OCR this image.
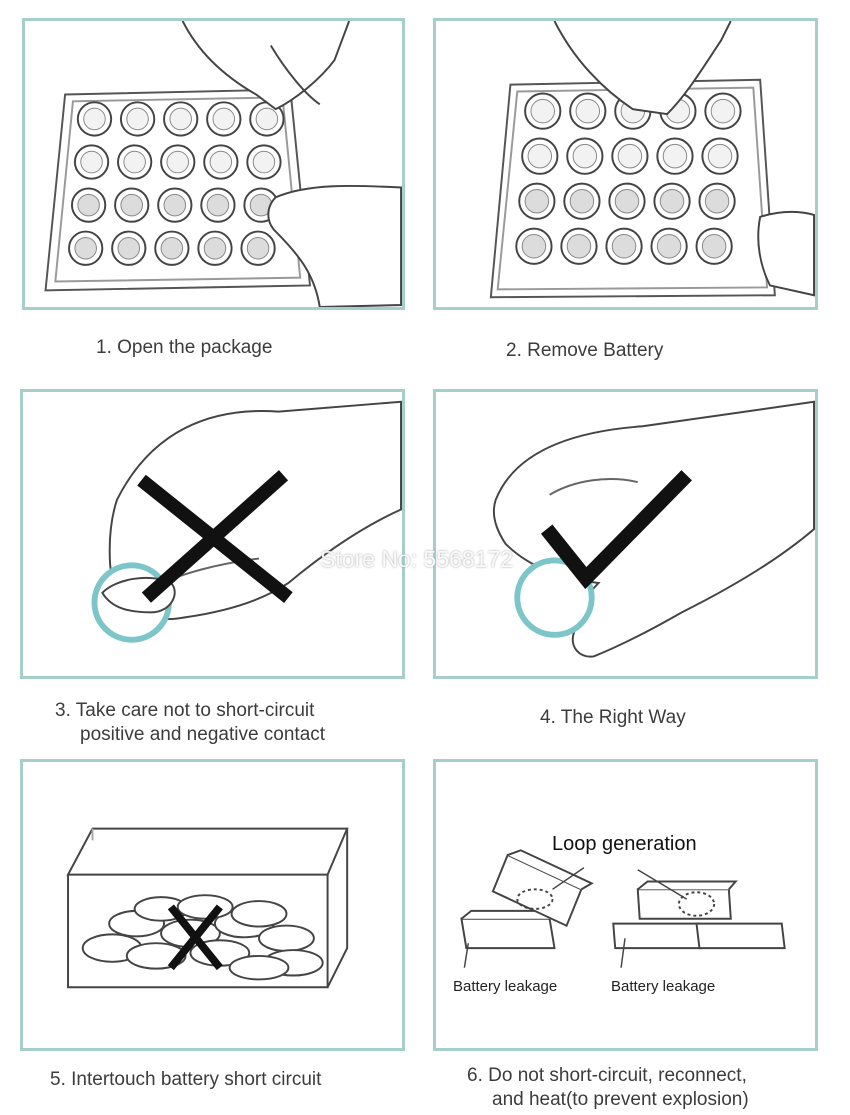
1. Open the package	2. Remove Battery
3. Take care not to short-circuit
positive and negative contact
4. The Right Way
5. Intertouch battery short circuit
Loop generation
Battery leakage	Battery leakage
6. Do not short-circuit, reconnect,
and heat(to prevent explosion)
Store No: 5568172
